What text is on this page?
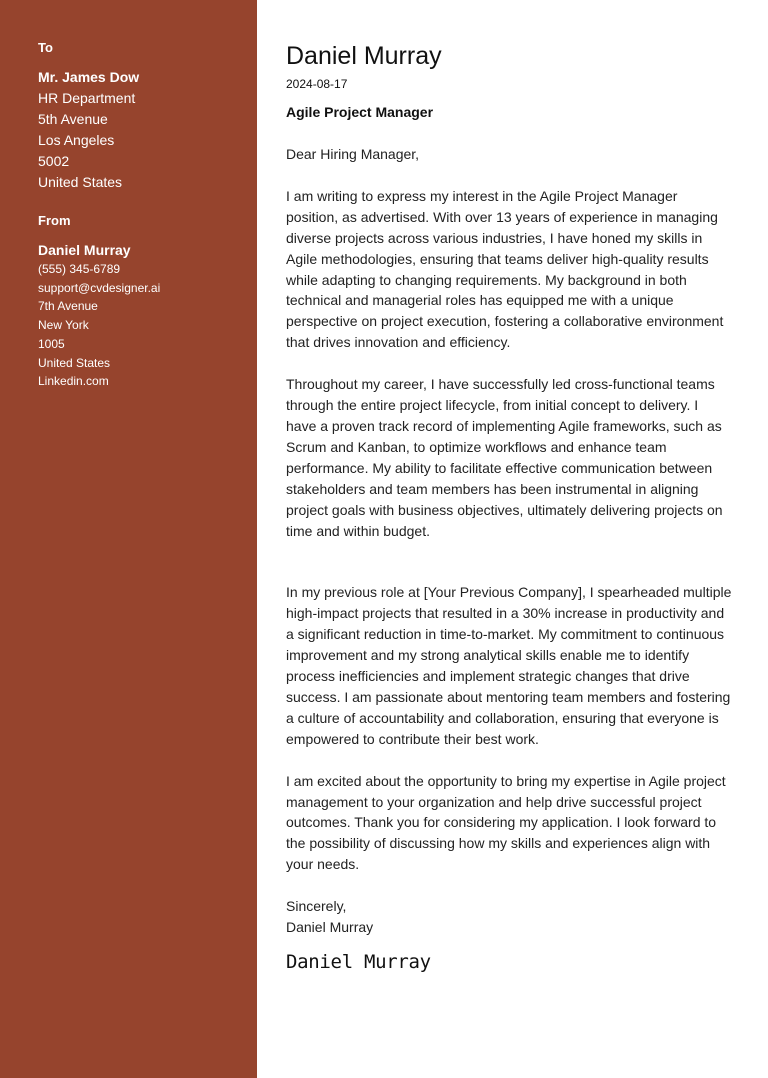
To
Mr. James Dow
HR Department
5th Avenue
Los Angeles
5002
United States
From
Daniel Murray
(555) 345-6789
support@cvdesigner.ai
7th Avenue
New York
1005
United States
Linkedin.com
Daniel Murray
2024-08-17
Agile Project Manager

Dear Hiring Manager,

I am writing to express my interest in the Agile Project Manager position, as advertised. With over 13 years of experience in managing diverse projects across various industries, I have honed my skills in Agile methodologies, ensuring that teams deliver high-quality results while adapting to changing requirements. My background in both technical and managerial roles has equipped me with a unique perspective on project execution, fostering a collaborative environment that drives innovation and efficiency.

Throughout my career, I have successfully led cross-functional teams through the entire project lifecycle, from initial concept to delivery. I have a proven track record of implementing Agile frameworks, such as Scrum and Kanban, to optimize workflows and enhance team performance. My ability to facilitate effective communication between stakeholders and team members has been instrumental in aligning project goals with business objectives, ultimately delivering projects on time and within budget.

In my previous role at [Your Previous Company], I spearheaded multiple high-impact projects that resulted in a 30% increase in productivity and a significant reduction in time-to-market. My commitment to continuous improvement and my strong analytical skills enable me to identify process inefficiencies and implement strategic changes that drive success. I am passionate about mentoring team members and fostering a culture of accountability and collaboration, ensuring that everyone is empowered to contribute their best work.

I am excited about the opportunity to bring my expertise in Agile project management to your organization and help drive successful project outcomes. Thank you for considering my application. I look forward to the possibility of discussing how my skills and experiences align with your needs.

Sincerely,

Daniel Murray

Daniel Murray
